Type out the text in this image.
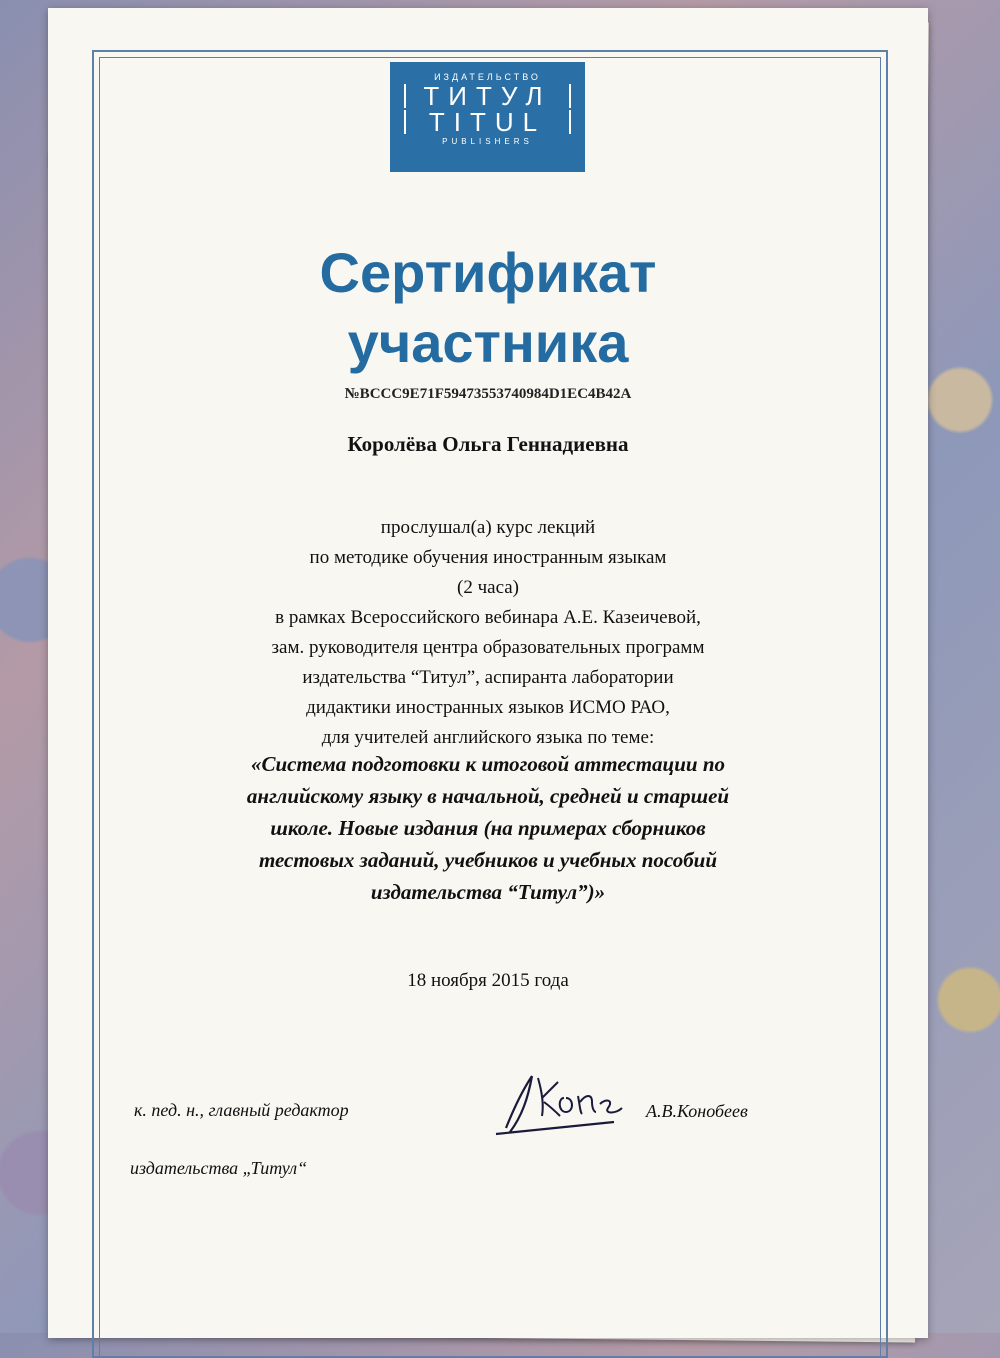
ИЗДАТЕЛЬСТВО
ТИТУЛ
TITUL
PUBLISHERS
Сертификат
участника
№BCCC9E71F59473553740984D1EC4B42A
Королёва Ольга Геннадиевна
прослушал(а) курс лекций
по методике обучения иностранным языкам
(2 часа)
в рамках Всероссийского вебинара А.Е. Казеичевой,
зам. руководителя центра образовательных программ
издательства “Титул”, аспиранта лаборатории
дидактики иностранных языков ИСМО РАО,
для учителей английского языка по теме:
«Система подготовки к итоговой аттестации по
английскому языку в начальной, средней и старшей
школе. Новые издания (на примерах сборников
тестовых заданий, учебников и учебных пособий
издательства “Титул”)»
18 ноября 2015 года
к. пед. н., главный редактор
издательства „Титул“
А.В.Конобеев
